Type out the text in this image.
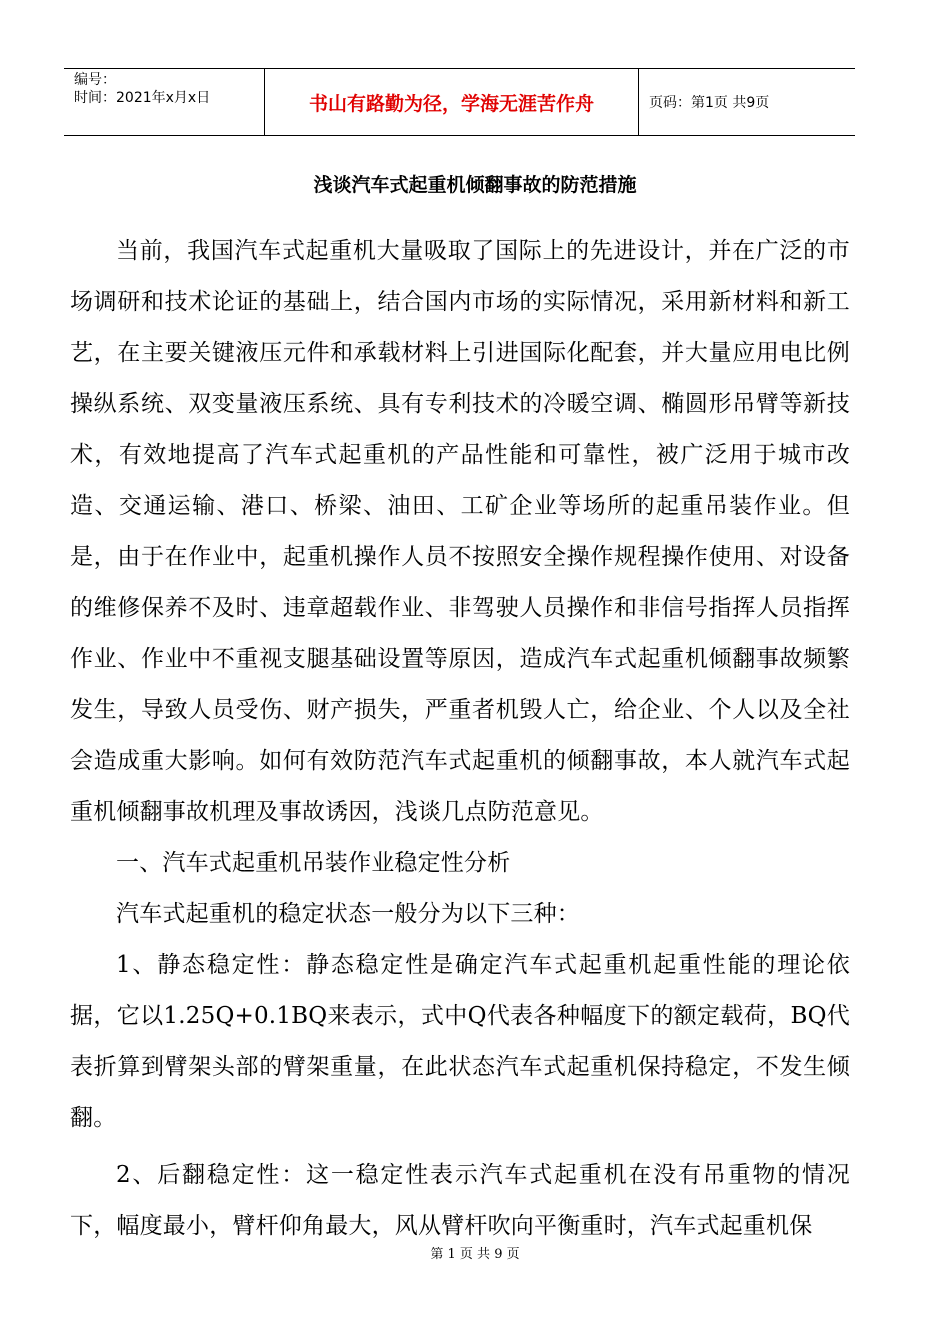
编号：
时间：2021年x月x日	书山有路勤为径，学海无涯苦作舟	页码：第1页 共9页
浅谈汽车式起重机倾翻事故的防范措施

当前，我国汽车式起重机大量吸取了国际上的先进设计，并在广泛的市场调研和技术论证的基础上，结合国内市场的实际情况，采用新材料和新工艺，在主要关键液压元件和承载材料上引进国际化配套，并大量应用电比例操纵系统、双变量液压系统、具有专利技术的冷暖空调、椭圆形吊臂等新技术，有效地提高了汽车式起重机的产品性能和可靠性，被广泛用于城市改造、交通运输、港口、桥梁、油田、工矿企业等场所的起重吊装作业。但是，由于在作业中，起重机操作人员不按照安全操作规程操作使用、对设备的维修保养不及时、违章超载作业、非驾驶人员操作和非信号指挥人员指挥作业、作业中不重视支腿基础设置等原因，造成汽车式起重机倾翻事故频繁发生，导致人员受伤、财产损失，严重者机毁人亡，给企业、个人以及全社会造成重大影响。如何有效防范汽车式起重机的倾翻事故，本人就汽车式起重机倾翻事故机理及事故诱因，浅谈几点防范意见。

一、汽车式起重机吊装作业稳定性分析

汽车式起重机的稳定状态一般分为以下三种：

1、静态稳定性：静态稳定性是确定汽车式起重机起重性能的理论依据，它以1.25Q+0.1BQ来表示，式中Q代表各种幅度下的额定载荷，BQ代表折算到臂架头部的臂架重量，在此状态汽车式起重机保持稳定，不发生倾翻。

2、后翻稳定性：这一稳定性表示汽车式起重机在没有吊重物的情况下，幅度最小，臂杆仰角最大，风从臂杆吹向平衡重时，汽车式起重机保

第 1 页 共 9 页
